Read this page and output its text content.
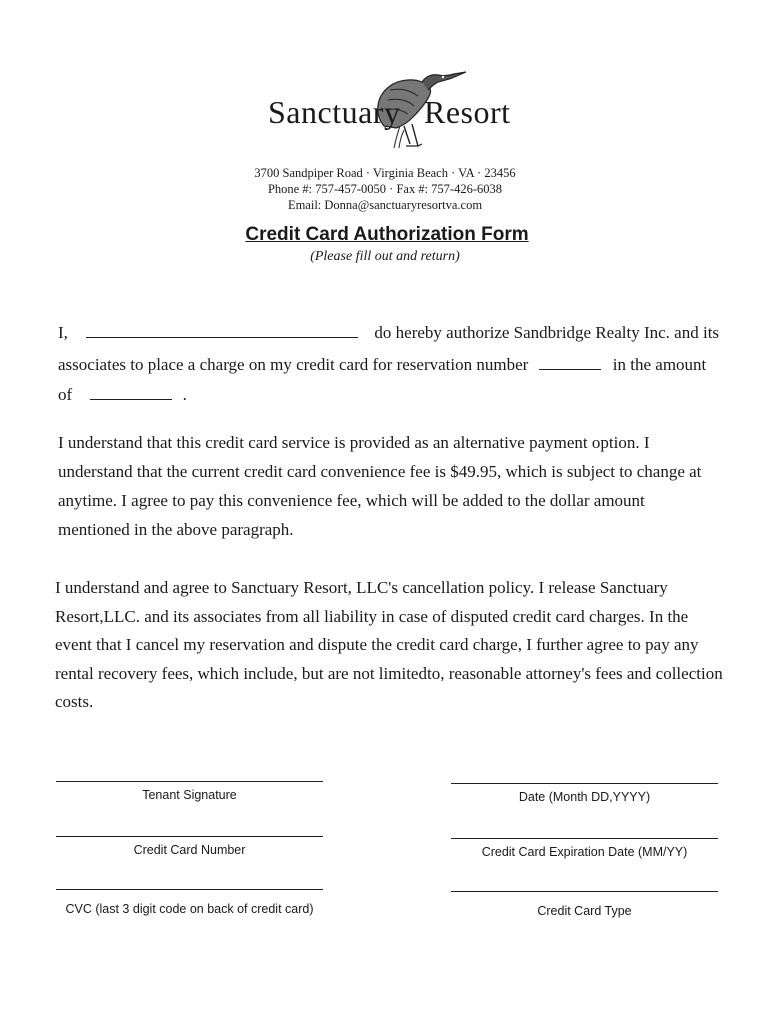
Sanctuary Resort
3700 Sandpiper Road · Virginia Beach · VA · 23456
Phone #: 757-457-0050 · Fax #: 757-426-6038
Email: Donna@sanctuaryresortva.com
Credit Card Authorization Form
(Please fill out and return)
I,	do hereby authorize Sandbridge Realty Inc. and its
associates to place a charge on my credit card for reservation number	in the amount
of	.
I understand that this credit card service is provided as an alternative payment option. I understand that the current credit card convenience fee is $49.95, which is subject to change at anytime. I agree to pay this convenience fee, which will be added to the dollar amount mentioned in the above paragraph.
I understand and agree to Sanctuary Resort, LLC's cancellation policy. I release Sanctuary Resort,LLC. and its associates from all liability in case of disputed credit card charges. In the event that I cancel my reservation and dispute the credit card charge, I further agree to pay any rental recovery fees, which include, but are not limitedto, reasonable attorney's fees and collection costs.
Tenant Signature	Date (Month DD,YYYY)
Credit Card Number	Credit Card Expiration Date (MM/YY)
CVC (last 3 digit code on back of credit card)	Credit Card Type
